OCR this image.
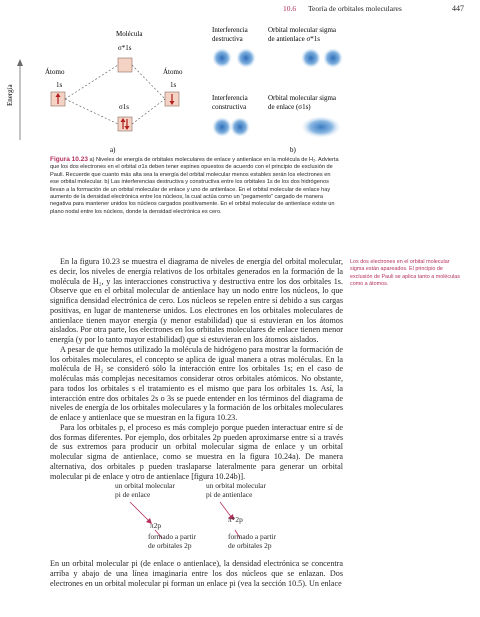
10.6 Teoría de orbitales moleculares	447
Energía
Molécula
σ*1s
Átomo	Átomo
1s	1s
σ1s
a)
Interferencia
destructiva
Orbital molecular sigma
de antienlace σ*1s
Interferencia
constructiva
Orbital molecular sigma
de enlace (σ1s)
b)
Figura 10.23 a) Niveles de energía de orbitales moleculares de enlace y antienlace en la molécula de H₂. Advierta que los dos electrones en el orbital σ1s deben tener espines opuestos de acuerdo con el principio de exclusión de Pauli. Recuerde que cuanto más alta sea la energía del orbital molecular menos estables serán los electrones en ese orbital molecular. b) Las interferencias destructiva y constructiva entre los orbitales 1s de los dos hidrógenos llevan a la formación de un orbital molecular de enlace y uno de antienlace. En el orbital molecular de enlace hay aumento de la densidad electrónica entre los núcleos, la cual actúa como un “pegamento” cargado de manera negativa para mantener unidos los núcleos cargados positivamente. En el orbital molecular de antienlace existe un plano nodal entre los núcleos, donde la densidad electrónica es cero.

En la figura 10.23 se muestra el diagrama de niveles de energía del orbital molecular, es decir, los niveles de energía relativos de los orbitales generados en la formación de la molécula de H₂, y las interacciones constructiva y destructiva entre los dos orbitales 1s. Observe que en el orbital molecular de antienlace hay un nodo entre los núcleos, lo que significa densidad electrónica de cero. Los núcleos se repelen entre sí debido a sus cargas positivas, en lugar de mantenerse unidos. Los electrones en los orbitales moleculares de antienlace tienen mayor energía (y menor estabilidad) que si estuvieran en los átomos aislados. Por otra parte, los electrones en los orbitales moleculares de enlace tienen menor energía (y por lo tanto mayor estabilidad) que si estuvieran en los átomos aislados.

A pesar de que hemos utilizado la molécula de hidrógeno para mostrar la formación de los orbitales moleculares, el concepto se aplica de igual manera a otras moléculas. En la molécula de H₂ se consideró sólo la interacción entre los orbitales 1s; en el caso de moléculas más complejas necesitamos considerar otros orbitales atómicos. No obstante, para todos los orbitales s el tratamiento es el mismo que para los orbitales 1s. Así, la interacción entre dos orbitales 2s o 3s se puede entender en los términos del diagrama de niveles de energía de los orbitales moleculares y la formación de los orbitales moleculares de enlace y antienlace que se muestran en la figura 10.23.

Para los orbitales p, el proceso es más complejo porque pueden interactuar entre sí de dos formas diferentes. Por ejemplo, dos orbitales 2p pueden aproximarse entre sí a través de sus extremos para producir un orbital molecular sigma de enlace y un orbital molecular sigma de antienlace, como se muestra en la figura 10.24a). De manera alternativa, dos orbitales p pueden traslaparse lateralmente para generar un orbital molecular pi de enlace y otro de antienlace [figura 10.24b)].

Los dos electrones en el orbital molecular sigma están apareados. El principio de exclusión de Pauli se aplica tanto a moléculas como a átomos.
un orbital molecular
pi de enlace
un orbital molecular
pi de antienlace
π2p
π*2p
formado a partir
de orbitales 2p
formado a partir
de orbitales 2p
En un orbital molecular pi (de enlace o antienlace), la densidad electrónica se concentra arriba y abajo de una línea imaginaria entre los dos núcleos que se enlazan. Dos electrones en un orbital molecular pi forman un enlace pi (vea la sección 10.5). Un enlace
